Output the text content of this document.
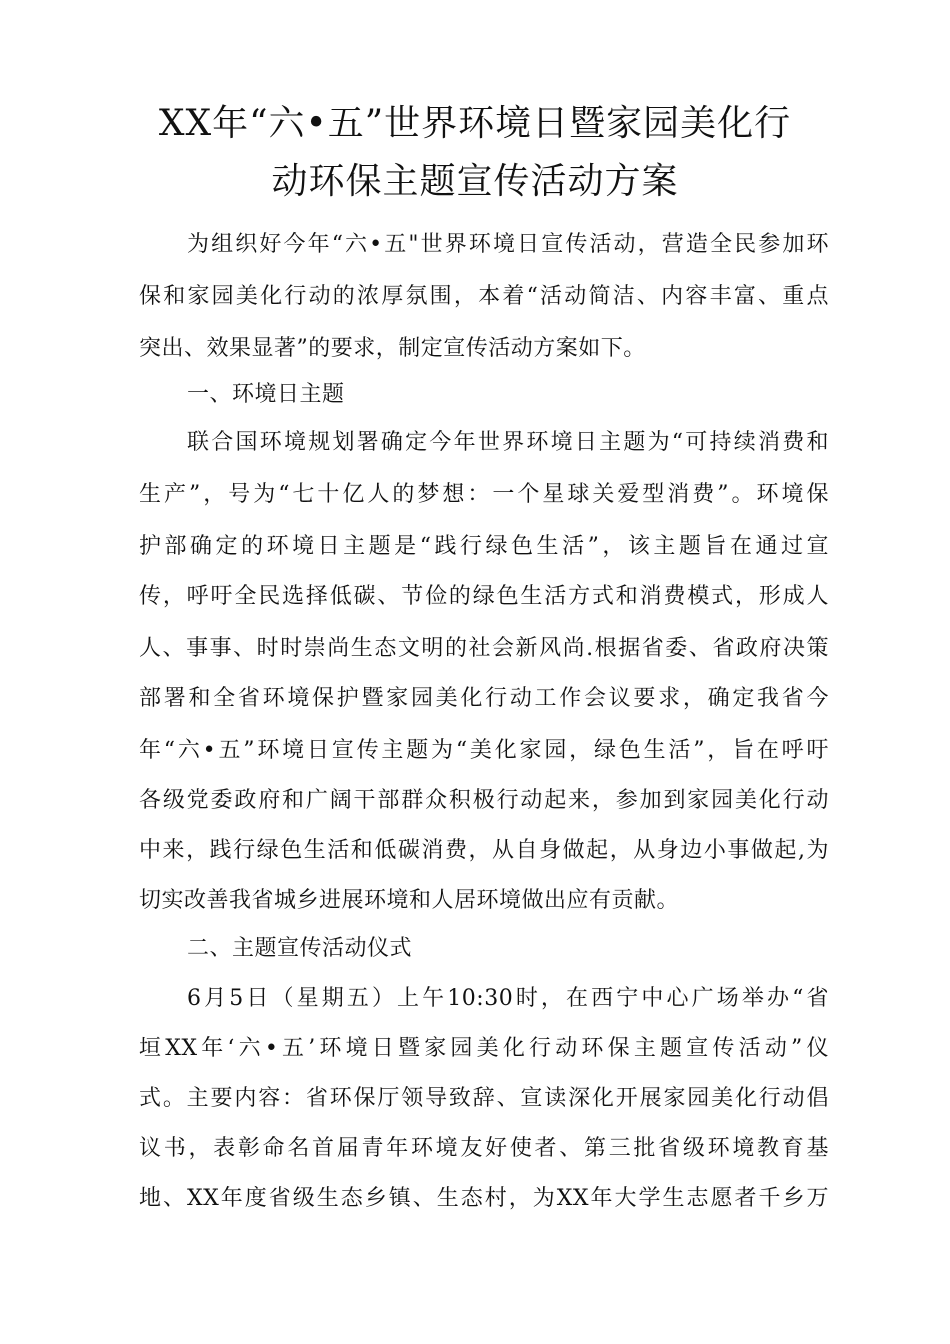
XX年“六•五”世界环境日暨家园美化行
动环保主题宣传活动方案
为组织好今年“六•五"世界环境日宣传活动，营造全民参加环
保和家园美化行动的浓厚氛围，本着“活动简洁、内容丰富、重点
突出、效果显著”的要求，制定宣传活动方案如下。
一、环境日主题
联合国环境规划署确定今年世界环境日主题为“可持续消费和
生产”，号为“七十亿人的梦想：一个星球关爱型消费”。环境保
护部确定的环境日主题是“践行绿色生活”，该主题旨在通过宣
传，呼吁全民选择低碳、节俭的绿色生活方式和消费模式，形成人
人、事事、时时崇尚生态文明的社会新风尚.根据省委、省政府决策
部署和全省环境保护暨家园美化行动工作会议要求，确定我省今
年“六•五”环境日宣传主题为“美化家园，绿色生活”，旨在呼吁
各级党委政府和广阔干部群众积极行动起来，参加到家园美化行动
中来，践行绿色生活和低碳消费，从自身做起，从身边小事做起,为
切实改善我省城乡进展环境和人居环境做出应有贡献。
二、主题宣传活动仪式
6月5日（星期五）上午10:30时，在西宁中心广场举办“省
垣XX年‘六•五’环境日暨家园美化行动环保主题宣传活动”仪
式。主要内容：省环保厅领导致辞、宣读深化开展家园美化行动倡
议书，表彰命名首届青年环境友好使者、第三批省级环境教育基
地、XX年度省级生态乡镇、生态村，为XX年大学生志愿者千乡万
